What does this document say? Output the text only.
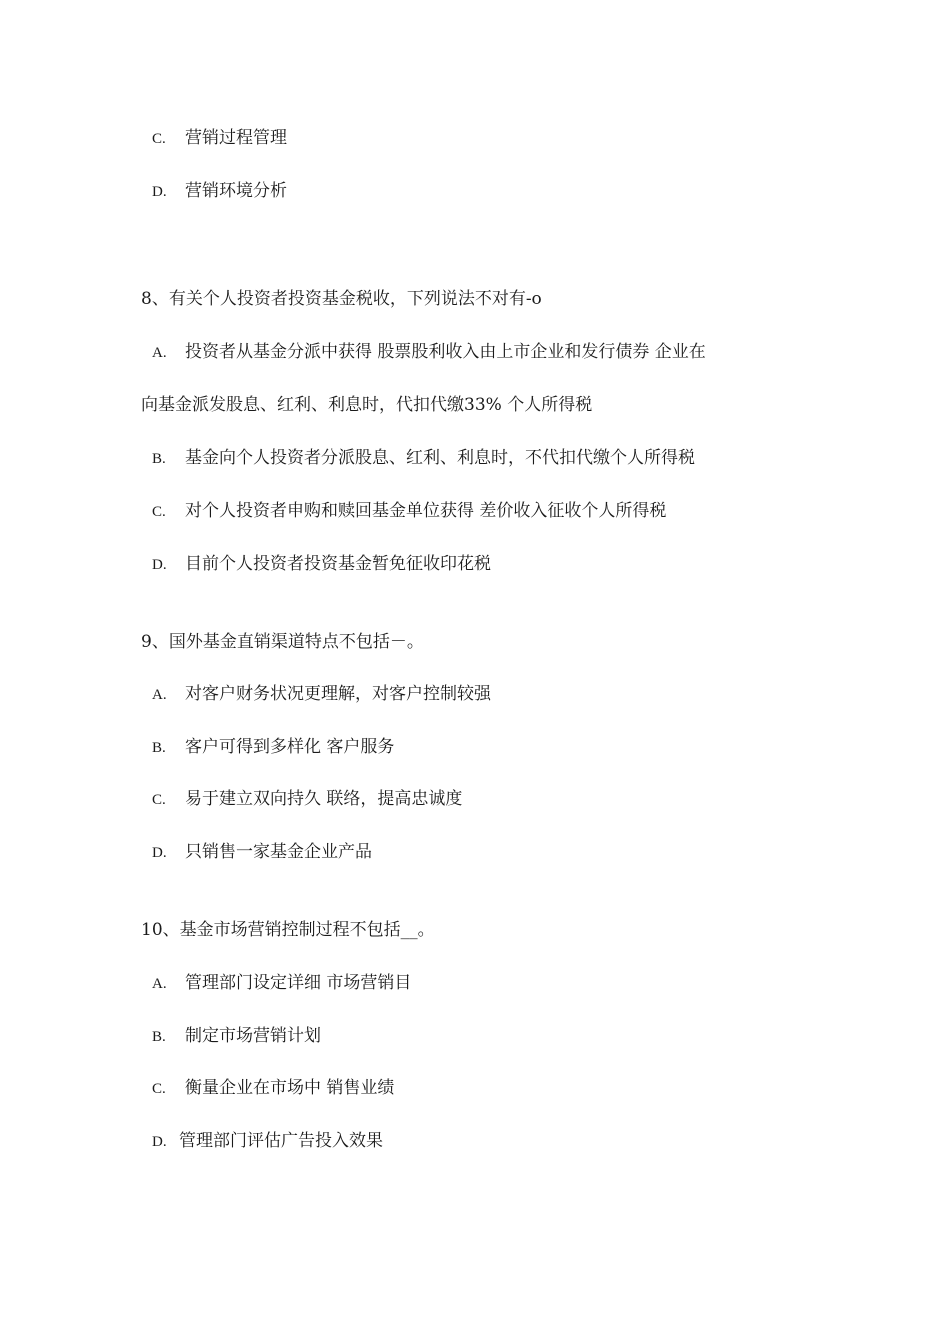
C. 营销过程管理
D. 营销环境分析
8、有关个人投资者投资基金税收，下列说法不对有-o
A. 投资者从基金分派中获得 股票股利收入由上市企业和发行债券 企业在
向基金派发股息、红利、利息时，代扣代缴33% 个人所得税
B. 基金向个人投资者分派股息、红利、利息时，不代扣代缴个人所得税
C. 对个人投资者申购和赎回基金单位获得 差价收入征收个人所得税
D. 目前个人投资者投资基金暂免征收印花税
9、国外基金直销渠道特点不包括－。
A. 对客户财务状况更理解，对客户控制较强
B. 客户可得到多样化 客户服务
C. 易于建立双向持久 联络，提高忠诚度
D. 只销售一家基金企业产品
10、基金市场营销控制过程不包括__。
A. 管理部门设定详细 市场营销目
B. 制定市场营销计划
C. 衡量企业在市场中 销售业绩
D. 管理部门评估广告投入效果
